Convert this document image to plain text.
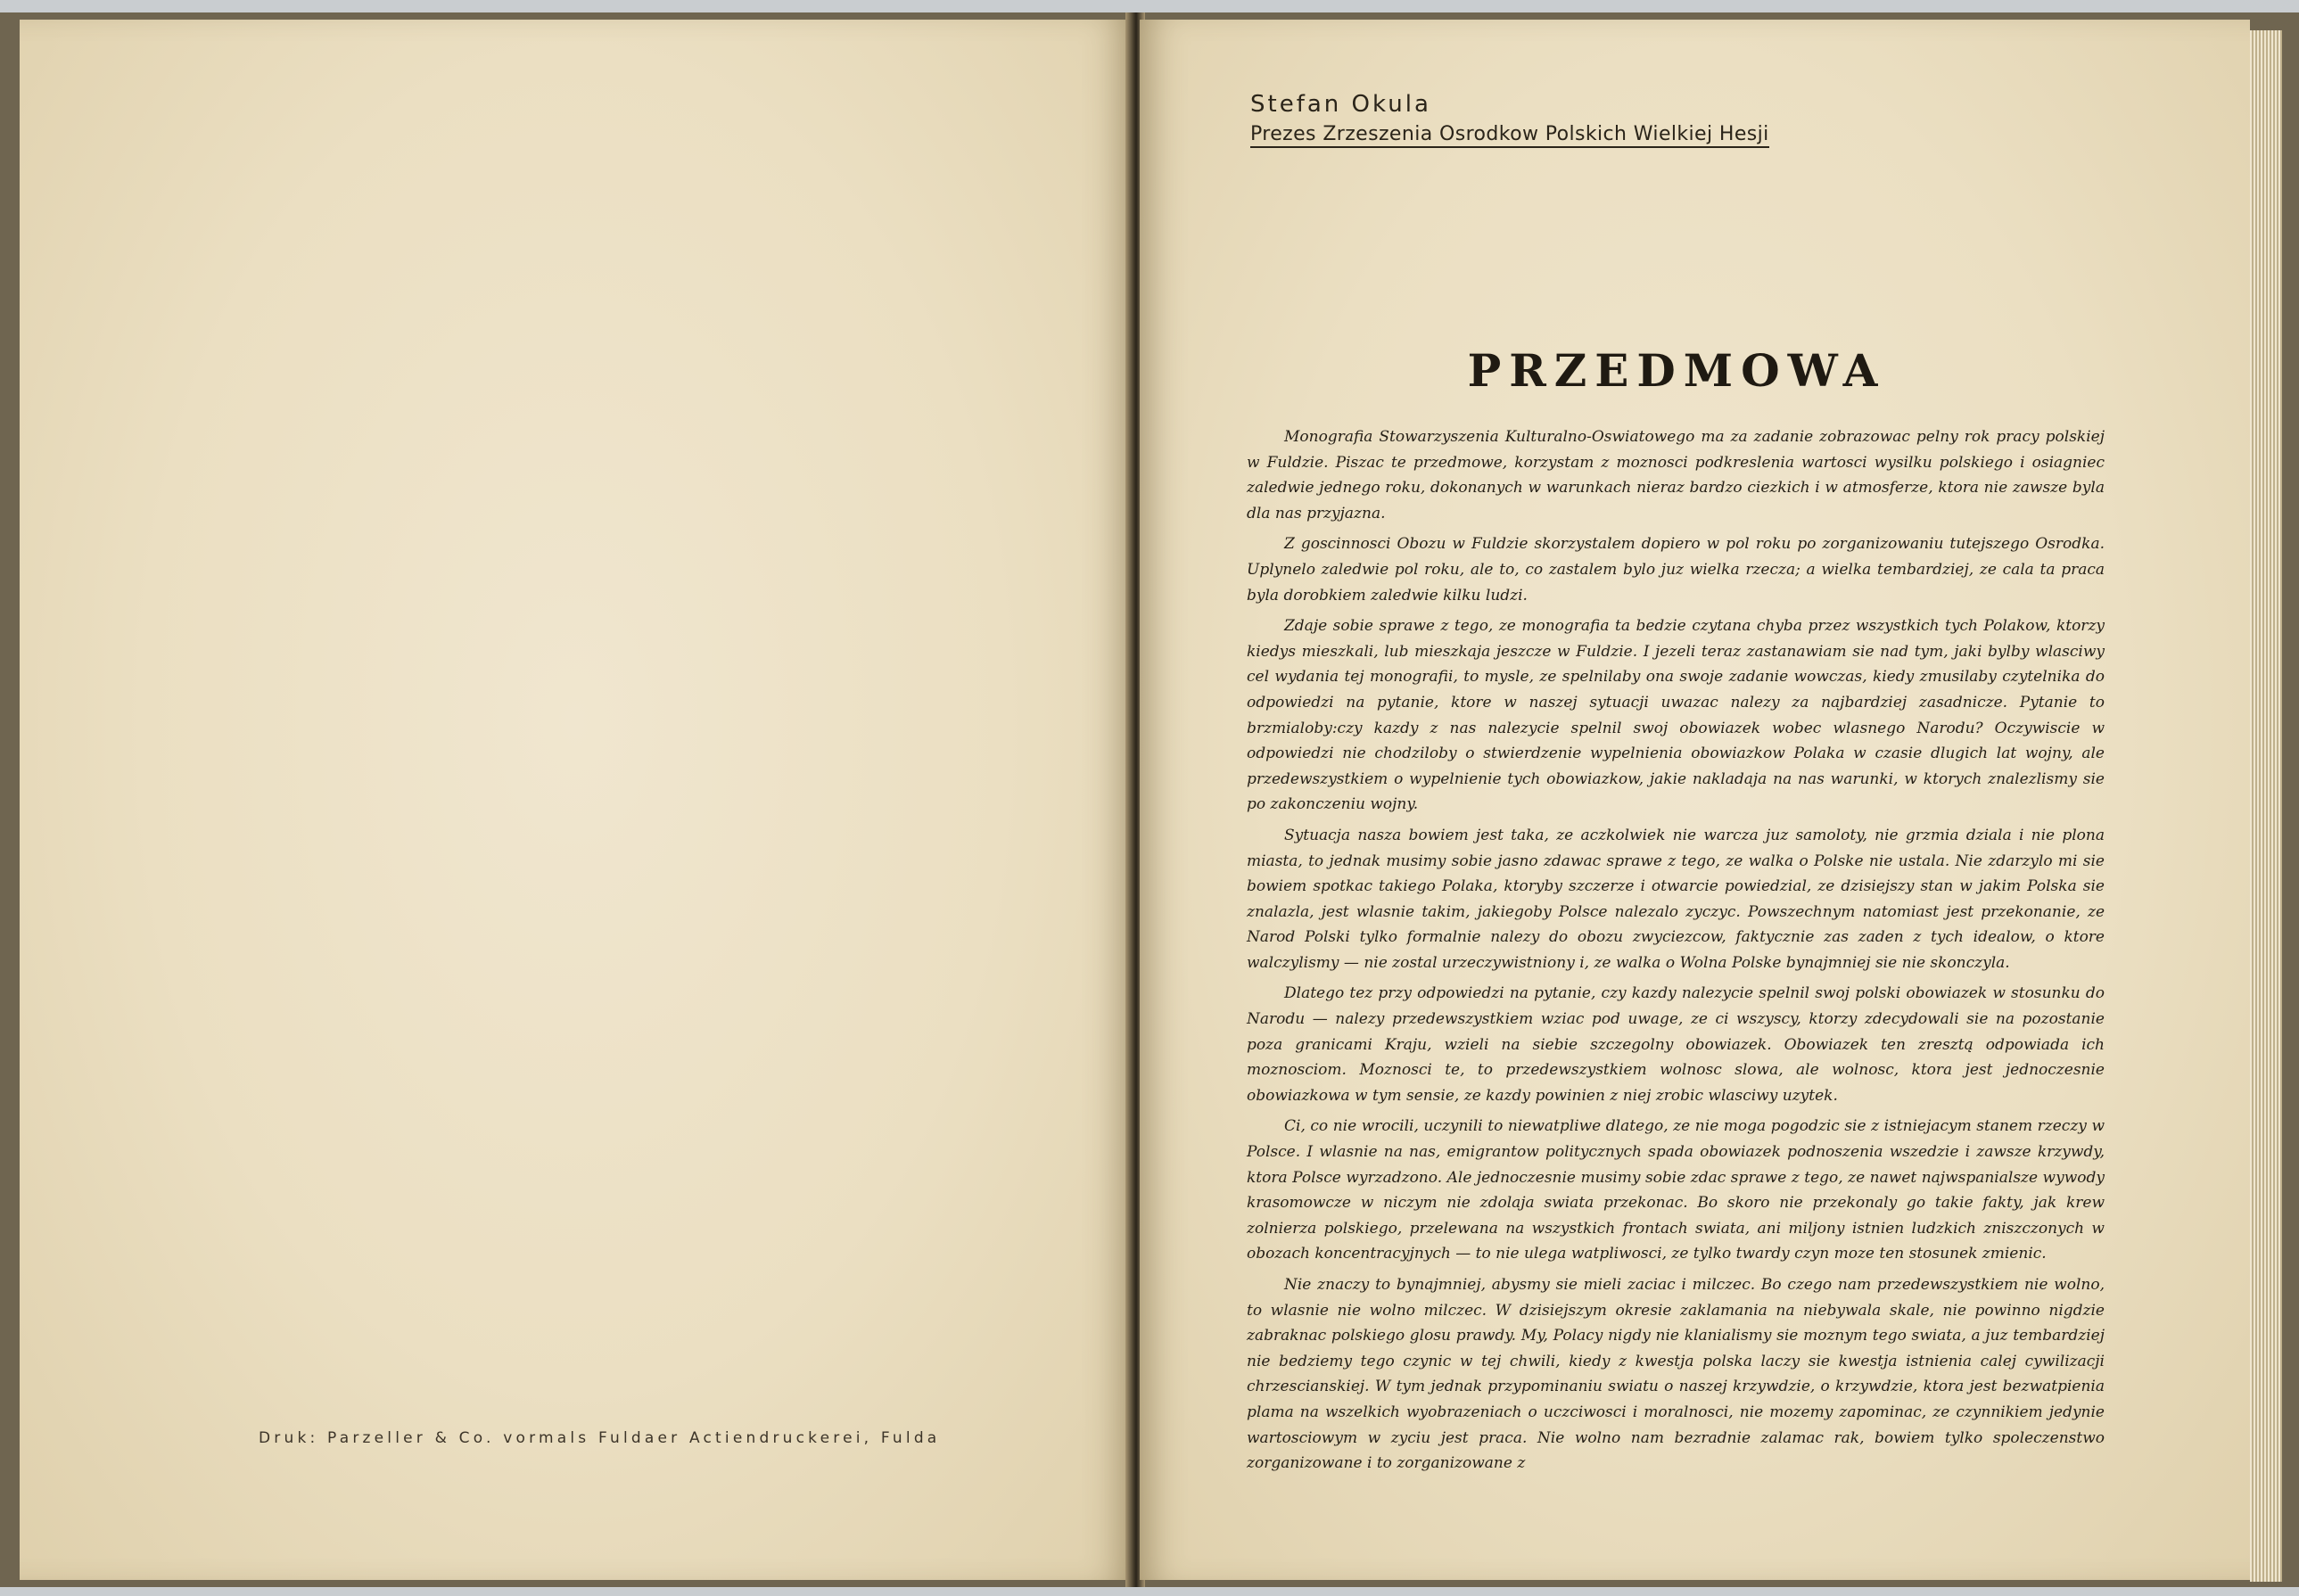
Druk: Parzeller & Co. vormals Fuldaer Actiendruckerei, Fulda
Stefan Okula
Prezes Zrzeszenia Osrodkow Polskich Wielkiej Hesji
PRZEDMOWA

Monografia Stowarzyszenia Kulturalno-Oswiatowego ma za zadanie zobrazowac pelny rok pracy polskiej w Fuldzie. Piszac te przedmowe, korzystam z moznosci podkreslenia wartosci wysilku polskiego i osiagniec zaledwie jednego roku, dokonanych w warunkach nieraz bardzo ciezkich i w atmosferze, ktora nie zawsze byla dla nas przyjazna.

Z goscinnosci Obozu w Fuldzie skorzystalem dopiero w pol roku po zorganizowaniu tutejszego Osrodka. Uplynelo zaledwie pol roku, ale to, co zastalem bylo juz wielka rzecza; a wielka tembardziej, ze cala ta praca byla dorobkiem zaledwie kilku ludzi.

Zdaje sobie sprawe z tego, ze monografia ta bedzie czytana chyba przez wszystkich tych Polakow, ktorzy kiedys mieszkali, lub mieszkaja jeszcze w Fuldzie. I jezeli teraz zastanawiam sie nad tym, jaki bylby wlasciwy cel wydania tej monografii, to mysle, ze spelnilaby ona swoje zadanie wowczas, kiedy zmusilaby czytelnika do odpowiedzi na pytanie, ktore w naszej sytuacji uwazac nalezy za najbardziej zasadnicze. Pytanie to brzmialoby:czy kazdy z nas nalezycie spelnil swoj obowiazek wobec wlasnego Narodu? Oczywiscie w odpowiedzi nie chodziloby o stwierdzenie wypelnienia obowiazkow Polaka w czasie dlugich lat wojny, ale przedewszystkiem o wypelnienie tych obowiazkow, jakie nakladaja na nas warunki, w ktorych znalezlismy sie po zakonczeniu wojny.

Sytuacja nasza bowiem jest taka, ze aczkolwiek nie warcza juz samoloty, nie grzmia dziala i nie plona miasta, to jednak musimy sobie jasno zdawac sprawe z tego, ze walka o Polske nie ustala. Nie zdarzylo mi sie bowiem spotkac takiego Polaka, ktoryby szczerze i otwarcie powiedzial, ze dzisiejszy stan w jakim Polska sie znalazla, jest wlasnie takim, jakiegoby Polsce nalezalo zyczyc. Powszechnym natomiast jest przekonanie, ze Narod Polski tylko formalnie nalezy do obozu zwyciezcow, faktycznie zas zaden z tych idealow, o ktore walczylismy — nie zostal urzeczywistniony i, ze walka o Wolna Polske bynajmniej sie nie skonczyla.

Dlatego tez przy odpowiedzi na pytanie, czy kazdy nalezycie spelnil swoj polski obowiazek w stosunku do Narodu — nalezy przedewszystkiem wziac pod uwage, ze ci wszyscy, ktorzy zdecydowali sie na pozostanie poza granicami Kraju, wzieli na siebie szczegolny obowiazek. Obowiazek ten zresztą odpowiada ich moznosciom. Moznosci te, to przedewszystkiem wolnosc slowa, ale wolnosc, ktora jest jednoczesnie obowiazkowa w tym sensie, ze kazdy powinien z niej zrobic wlasciwy uzytek.

Ci, co nie wrocili, uczynili to niewatpliwe dlatego, ze nie moga pogodzic sie z istniejacym stanem rzeczy w Polsce. I wlasnie na nas, emigrantow politycznych spada obowiazek podnoszenia wszedzie i zawsze krzywdy, ktora Polsce wyrzadzono. Ale jednoczesnie musimy sobie zdac sprawe z tego, ze nawet najwspanialsze wywody krasomowcze w niczym nie zdolaja swiata przekonac. Bo skoro nie przekonaly go takie fakty, jak krew zolnierza polskiego, przelewana na wszystkich frontach swiata, ani miljony istnien ludzkich zniszczonych w obozach koncentracyjnych — to nie ulega watpliwosci, ze tylko twardy czyn moze ten stosunek zmienic.

Nie znaczy to bynajmniej, abysmy sie mieli zaciac i milczec. Bo czego nam przedewszystkiem nie wolno, to wlasnie nie wolno milczec. W dzisiejszym okresie zaklamania na niebywala skale, nie powinno nigdzie zabraknac polskiego glosu prawdy. My, Polacy nigdy nie klanialismy sie moznym tego swiata, a juz tembardziej nie bedziemy tego czynic w tej chwili, kiedy z kwestja polska laczy sie kwestja istnienia calej cywilizacji chrzescianskiej. W tym jednak przypominaniu swiatu o naszej krzywdzie, o krzywdzie, ktora jest bezwatpienia plama na wszelkich wyobrazeniach o uczciwosci i moralnosci, nie mozemy zapominac, ze czynnikiem jedynie wartosciowym w zyciu jest praca. Nie wolno nam bezradnie zalamac rak, bowiem tylko spoleczenstwo zorganizowane i to zorganizowane z
